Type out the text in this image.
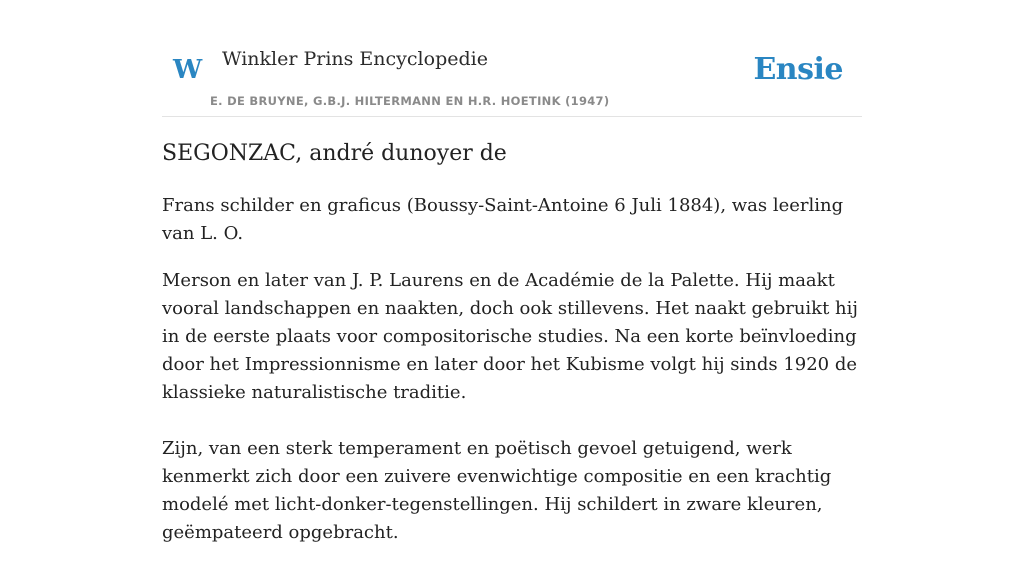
W Winkler Prins Encyclopedie
E. DE BRUYNE, G.B.J. HILTERMANN EN H.R. HOETINK (1947)
Ensie
SEGONZAC, andré dunoyer de

Frans schilder en graficus (Boussy-Saint-Antoine 6 Juli 1884), was leerling van L. O.

Merson en later van J. P. Laurens en de Académie de la Palette. Hij maakt vooral landschappen en naakten, doch ook stillevens. Het naakt gebruikt hij in de eerste plaats voor compositorische studies. Na een korte beïnvloeding door het Impressionnisme en later door het Kubisme volgt hij sinds 1920 de klassieke naturalistische traditie.

Zijn, van een sterk temperament en poëtisch gevoel getuigend, werk kenmerkt zich door een zuivere evenwichtige compositie en een krachtig modelé met licht-donker-tegenstellingen. Hij schildert in zware kleuren, geëmpateerd opgebracht.
